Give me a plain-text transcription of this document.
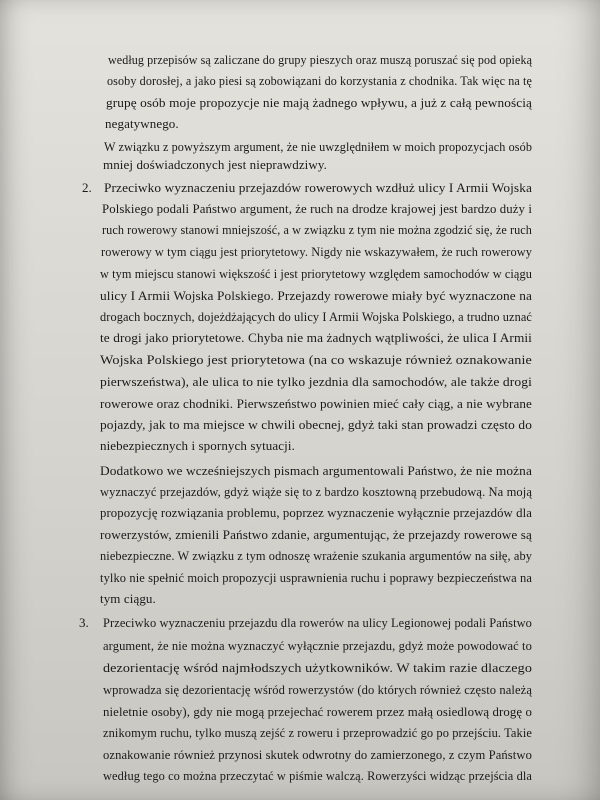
według przepisów są zaliczane do grupy pieszych oraz muszą poruszać się pod opieką
osoby dorosłej, a jako piesi są zobowiązani do korzystania z chodnika. Tak więc na tę
grupę osób moje propozycje nie mają żadnego wpływu, a już z całą pewnością
negatywnego.
W związku z powyższym argument, że nie uwzględniłem w moich propozycjach osób
mniej doświadczonych jest nieprawdziwy.
2. Przeciwko wyznaczeniu przejazdów rowerowych wzdłuż ulicy I Armii Wojska
Polskiego podali Państwo argument, że ruch na drodze krajowej jest bardzo duży i
ruch rowerowy stanowi mniejszość, a w związku z tym nie można zgodzić się, że ruch
rowerowy w tym ciągu jest priorytetowy. Nigdy nie wskazywałem, że ruch rowerowy
w tym miejscu stanowi większość i jest priorytetowy względem samochodów w ciągu
ulicy I Armii Wojska Polskiego. Przejazdy rowerowe miały być wyznaczone na
drogach bocznych, dojeżdżających do ulicy I Armii Wojska Polskiego, a trudno uznać
te drogi jako priorytetowe. Chyba nie ma żadnych wątpliwości, że ulica I Armii
Wojska Polskiego jest priorytetowa (na co wskazuje również oznakowanie
pierwszeństwa), ale ulica to nie tylko jezdnia dla samochodów, ale także drogi
rowerowe oraz chodniki. Pierwszeństwo powinien mieć cały ciąg, a nie wybrane
pojazdy, jak to ma miejsce w chwili obecnej, gdyż taki stan prowadzi często do
niebezpiecznych i spornych sytuacji.
Dodatkowo we wcześniejszych pismach argumentowali Państwo, że nie można
wyznaczyć przejazdów, gdyż wiąże się to z bardzo kosztowną przebudową. Na moją
propozycję rozwiązania problemu, poprzez wyznaczenie wyłącznie przejazdów dla
rowerzystów, zmienili Państwo zdanie, argumentując, że przejazdy rowerowe są
niebezpieczne. W związku z tym odnoszę wrażenie szukania argumentów na siłę, aby
tylko nie spełnić moich propozycji usprawnienia ruchu i poprawy bezpieczeństwa na
tym ciągu.
3. Przeciwko wyznaczeniu przejazdu dla rowerów na ulicy Legionowej podali Państwo
argument, że nie można wyznaczyć wyłącznie przejazdu, gdyż może powodować to
dezorientację wśród najmłodszych użytkowników. W takim razie dlaczego
wprowadza się dezorientację wśród rowerzystów (do których również często należą
nieletnie osoby), gdy nie mogą przejechać rowerem przez małą osiedlową drogę o
znikomym ruchu, tylko muszą zejść z roweru i przeprowadzić go po przejściu. Takie
oznakowanie również przynosi skutek odwrotny do zamierzonego, z czym Państwo
według tego co można przeczytać w piśmie walczą. Rowerzyści widząc przejścia dla
